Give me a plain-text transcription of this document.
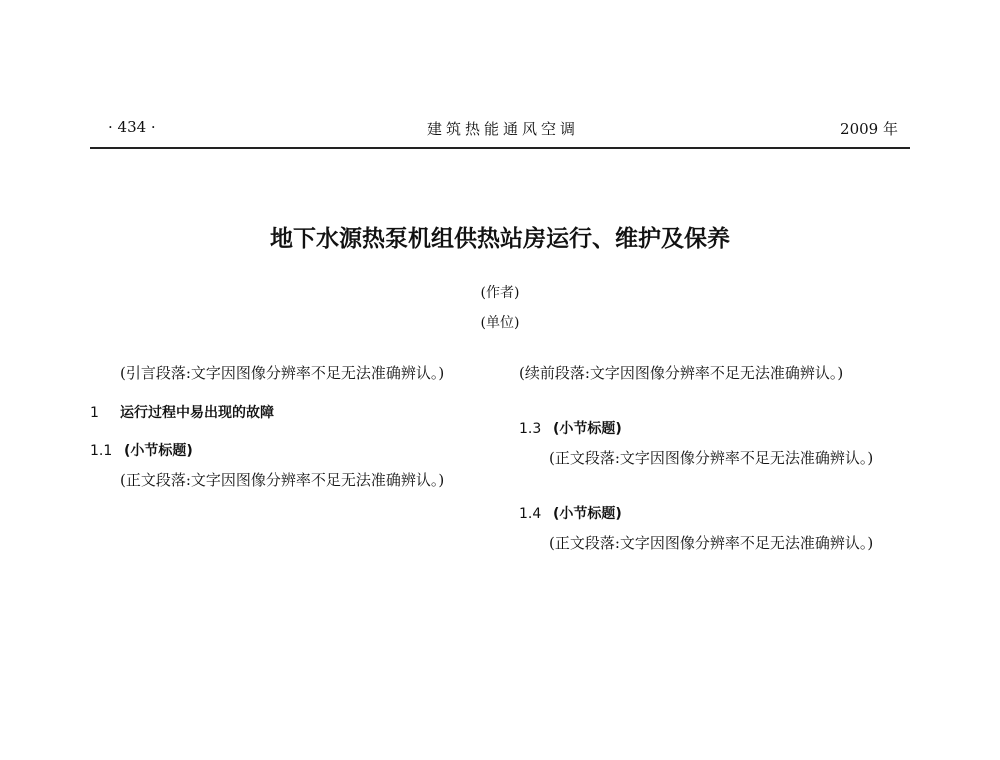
· 434 ·	建筑热能通风空调	2009 年
地下水源热泵机组供热站房运行、维护及保养
(作者)
(单位)

(引言段落:文字因图像分辨率不足无法准确辨认。)

1 运行过程中易出现的故障
1.1 (小节标题)

(正文段落:文字因图像分辨率不足无法准确辨认。)

(续前段落:文字因图像分辨率不足无法准确辨认。)

1.3 (小节标题)

(正文段落:文字因图像分辨率不足无法准确辨认。)

1.4 (小节标题)

(正文段落:文字因图像分辨率不足无法准确辨认。)
